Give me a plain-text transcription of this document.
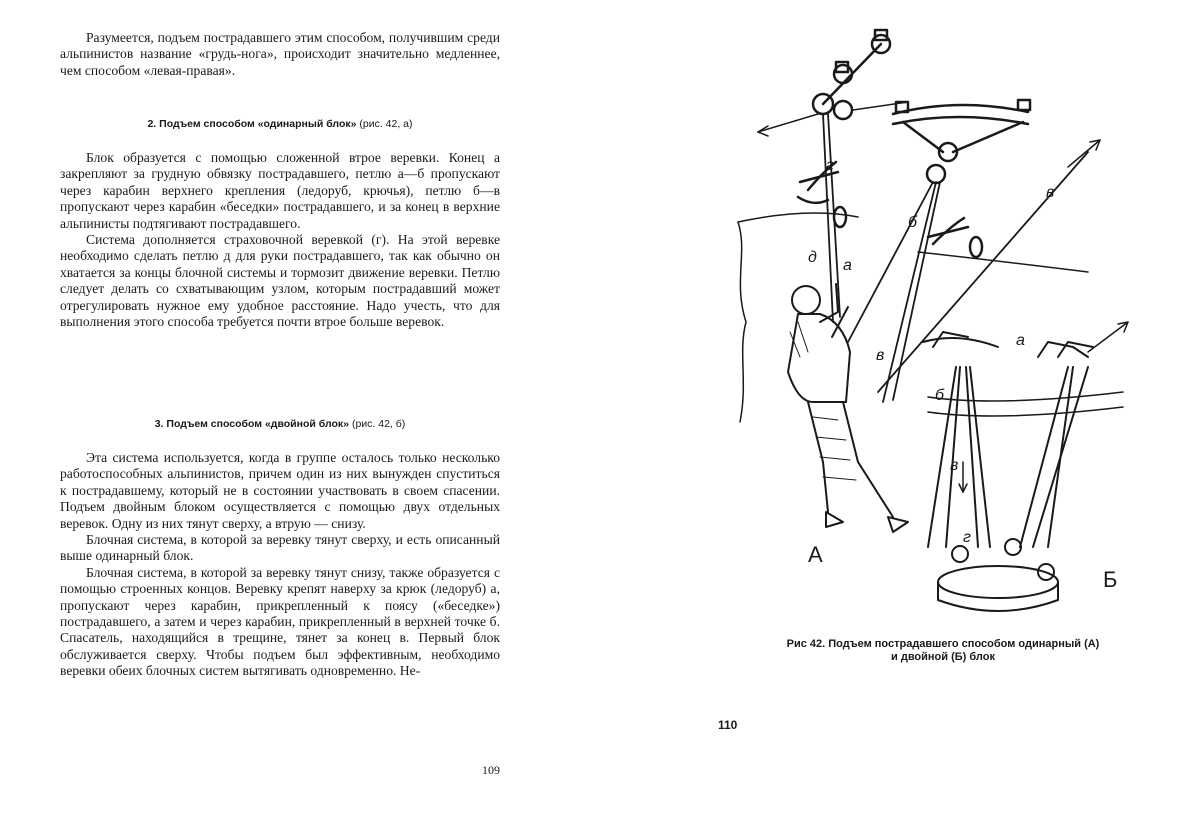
Разумеется, подъем пострадавшего этим способом, получившим среди альпинистов название «грудь-нога», происходит значительно медленнее, чем способом «левая-правая».

2. Подъем способом «одинарный блок» (рис. 42, а)

Блок образуется с помощью сложенной втрое веревки. Конец а закрепляют за грудную обвязку пострадавшего, петлю а—б пропускают через карабин верхнего крепления (ледоруб, крючья), петлю б—в пропускают через карабин «беседки» пострадавшего, и за конец в верхние альпинисты подтягивают пострадавшего.

Система дополняется страховочной веревкой (г). На этой веревке необходимо сделать петлю д для руки пострадавшего, так как обычно он хватается за концы блочной системы и тормозит движение веревки. Петлю следует делать со схватывающим узлом, которым пострадавший может отрегулировать нужное ему удобное расстояние. Надо учесть, что для выполнения этого способа требуется почти втрое больше веревок.

3. Подъем способом «двойной блок» (рис. 42, б)

Эта система используется, когда в группе осталось только несколько работоспособных альпинистов, причем один из них вынужден спуститься к пострадавшему, который не в состоянии участвовать в своем спасении. Подъем двойным блоком осуществляется с помощью двух отдельных веревок. Одну из них тянут сверху, а втрую — снизу.

Блочная система, в которой за веревку тянут сверху, и есть описанный выше одинарный блок.

Блочная система, в которой за веревку тянут снизу, также образуется с помощью строенных концов. Веревку крепят наверху за крюк (ледоруб) а, пропускают через карабин, прикрепленный к поясу («беседке») пострадавшего, а затем и через карабин, прикрепленный в верхней точке б. Спасатель, находящийся в трещине, тянет за конец в. Первый блок обслуживается сверху. Чтобы подъем был эффективным, необходимо веревки обеих блочных систем вытягивать одновременно. Не-

109
г
в
б
д а
в
а
б
в
г
А
Б
Рис 42. Подъем пострадавшего способом одинарный (А)
и двойной (Б) блок
110
